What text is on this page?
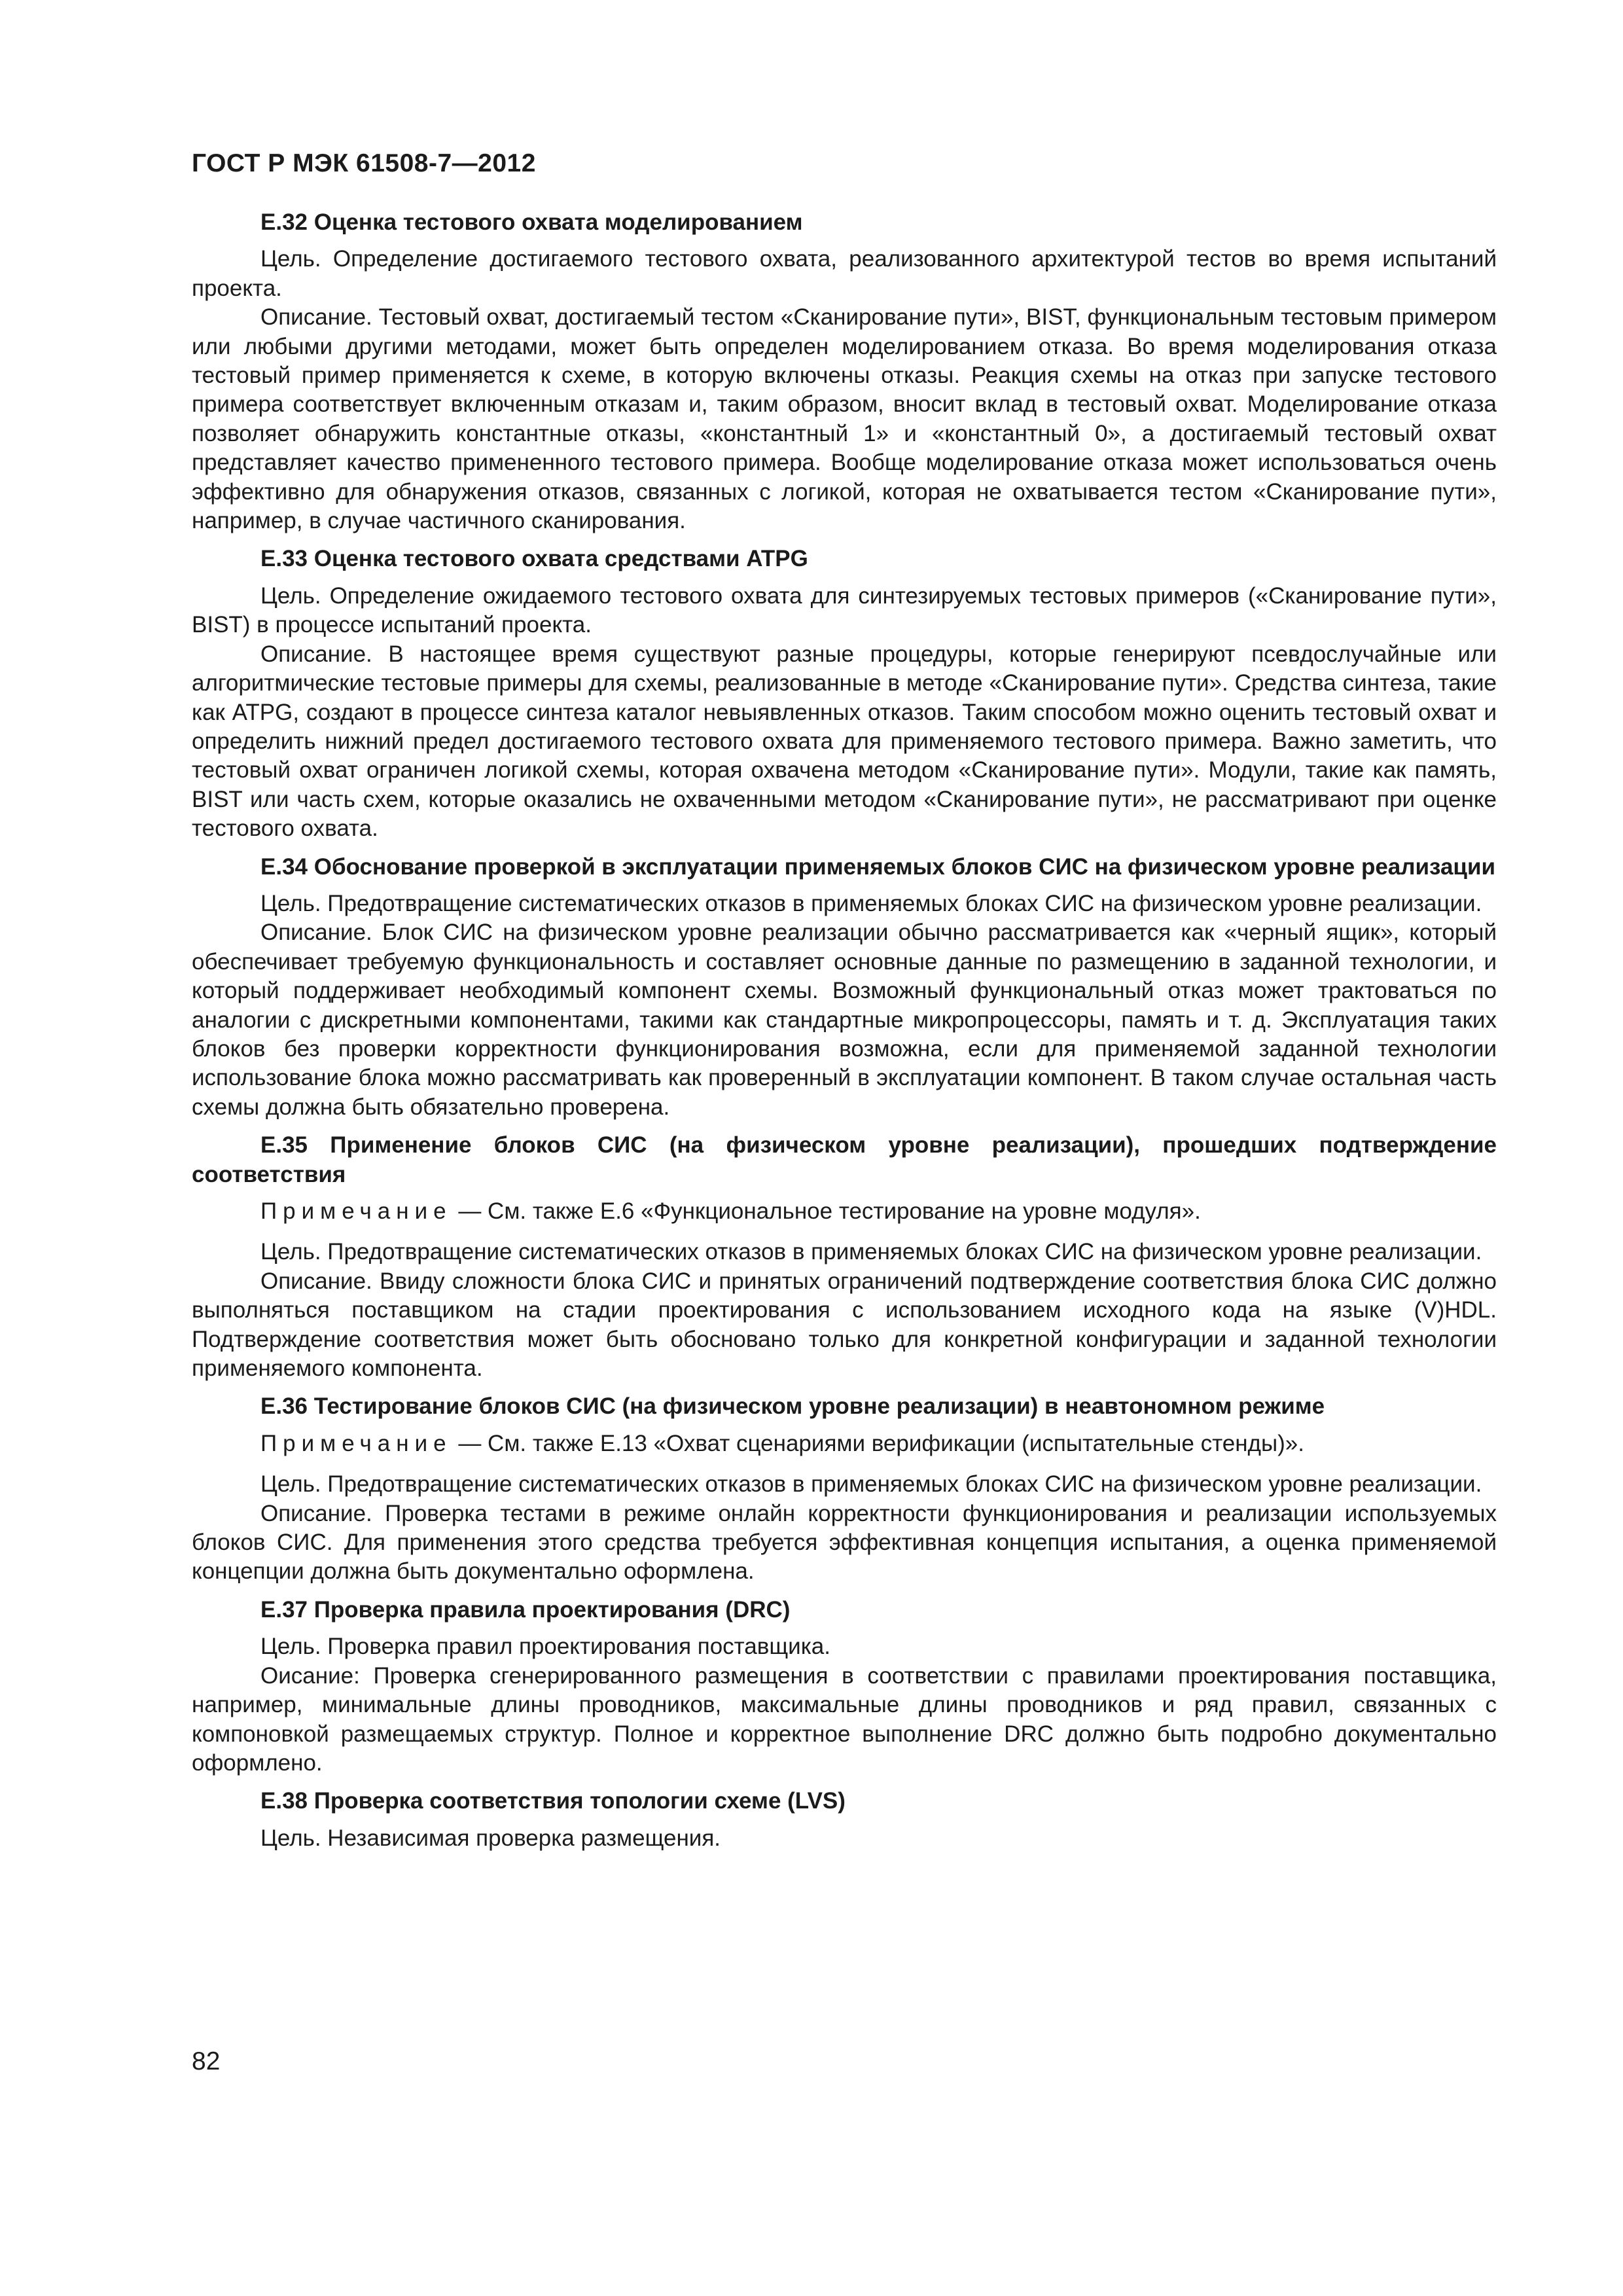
ГОСТ Р МЭК 61508-7—2012
Е.32 Оценка тестового охвата моделированием

Цель. Определение достигаемого тестового охвата, реализованного архитектурой тестов во время испытаний проекта.

Описание. Тестовый охват, достигаемый тестом «Сканирование пути», BIST, функциональным тестовым примером или любыми другими методами, может быть определен моделированием отказа. Во время моделирования отказа тестовый пример применяется к схеме, в которую включены отказы. Реакция схемы на отказ при запуске тестового примера соответствует включенным отказам и, таким образом, вносит вклад в тестовый охват. Моделирование отказа позволяет обнаружить константные отказы, «константный 1» и «константный 0», а достигаемый тестовый охват представляет качество примененного тестового примера. Вообще моделирование отказа может использоваться очень эффективно для обнаружения отказов, связанных с логикой, которая не охватывается тестом «Сканирование пути», например, в случае частичного сканирования.

Е.33 Оценка тестового охвата средствами ATPG

Цель. Определение ожидаемого тестового охвата для синтезируемых тестовых примеров («Сканирование пути», BIST) в процессе испытаний проекта.

Описание. В настоящее время существуют разные процедуры, которые генерируют псевдослучайные или алгоритмические тестовые примеры для схемы, реализованные в методе «Сканирование пути». Средства синтеза, такие как ATPG, создают в процессе синтеза каталог невыявленных отказов. Таким способом можно оценить тестовый охват и определить нижний предел достигаемого тестового охвата для применяемого тестового примера. Важно заметить, что тестовый охват ограничен логикой схемы, которая охвачена методом «Сканирование пути». Модули, такие как память, BIST или часть схем, которые оказались не охваченными методом «Сканирование пути», не рассматривают при оценке тестового охвата.

Е.34 Обоснование проверкой в эксплуатации применяемых блоков СИС на физическом уровне реализации

Цель. Предотвращение систематических отказов в применяемых блоках СИС на физическом уровне реализации.

Описание. Блок СИС на физическом уровне реализации обычно рассматривается как «черный ящик», который обеспечивает требуемую функциональность и составляет основные данные по размещению в заданной технологии, и который поддерживает необходимый компонент схемы. Возможный функциональный отказ может трактоваться по аналогии с дискретными компонентами, такими как стандартные микропроцессоры, память и т. д. Эксплуатация таких блоков без проверки корректности функционирования возможна, если для применяемой заданной технологии использование блока можно рассматривать как проверенный в эксплуатации компонент. В таком случае остальная часть схемы должна быть обязательно проверена.

Е.35 Применение блоков СИС (на физическом уровне реализации), прошедших подтверждение соответствия

Примечание — См. также Е.6 «Функциональное тестирование на уровне модуля».

Цель. Предотвращение систематических отказов в применяемых блоках СИС на физическом уровне реализации.

Описание. Ввиду сложности блока СИС и принятых ограничений подтверждение соответствия блока СИС должно выполняться поставщиком на стадии проектирования с использованием исходного кода на языке (V)HDL. Подтверждение соответствия может быть обосновано только для конкретной конфигурации и заданной технологии применяемого компонента.

Е.36 Тестирование блоков СИС (на физическом уровне реализации) в неавтономном режиме

Примечание — См. также Е.13 «Охват сценариями верификации (испытательные стенды)».

Цель. Предотвращение систематических отказов в применяемых блоках СИС на физическом уровне реализации.

Описание. Проверка тестами в режиме онлайн корректности функционирования и реализации используемых блоков СИС. Для применения этого средства требуется эффективная концепция испытания, а оценка применяемой концепции должна быть документально оформлена.

Е.37 Проверка правила проектирования (DRC)

Цель. Проверка правил проектирования поставщика.

Оисание: Проверка сгенерированного размещения в соответствии с правилами проектирования поставщика, например, минимальные длины проводников, максимальные длины проводников и ряд правил, связанных с компоновкой размещаемых структур. Полное и корректное выполнение DRC должно быть подробно документально оформлено.

Е.38 Проверка соответствия топологии схеме (LVS)

Цель. Независимая проверка размещения.

82
